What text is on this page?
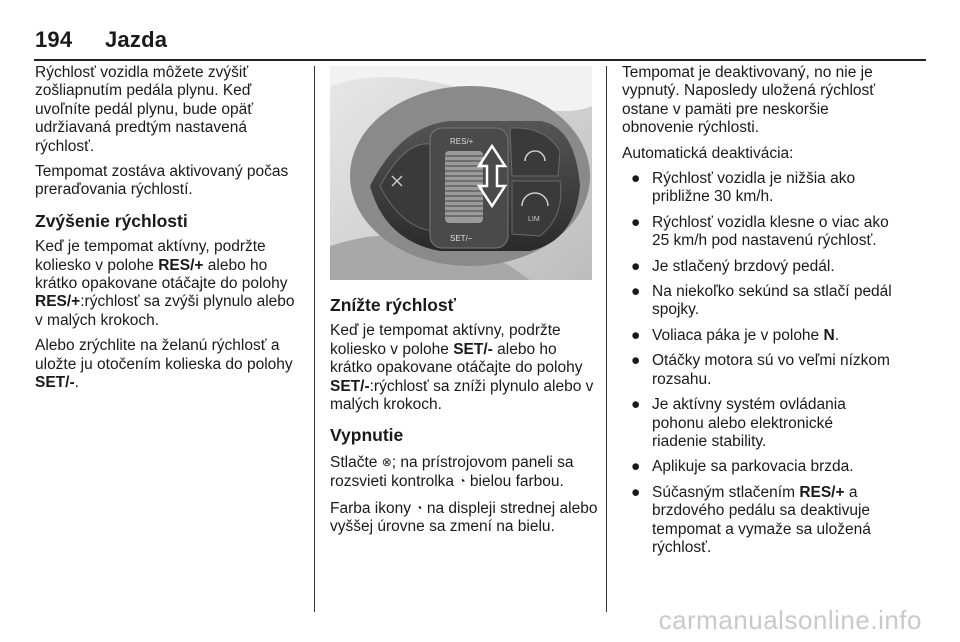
194 Jazda

Rýchlosť vozidla môžete zvýšiť zošliapnutím pedála plynu. Keď uvoľníte pedál plynu, bude opäť udržiavaná predtým nastavená rýchlosť.

Tempomat zostáva aktivovaný počas preraďovania rýchlostí.

Zvýšenie rýchlosti

Keď je tempomat aktívny, podržte koliesko v polohe RES/+ alebo ho krátko opakovane otáčajte do polohy RES/+:rýchlosť sa zvýši plynulo alebo v malých krokoch.

Alebo zrýchlite na želanú rýchlosť a uložte ju otočením kolieska do polohy SET/-.

RES/+
SET/−
LIM
Znížte rýchlosť

Keď je tempomat aktívny, podržte koliesko v polohe SET/- alebo ho krátko opakovane otáčajte do polohy SET/-:rýchlosť sa zníži plynulo alebo v malých krokoch.

Vypnutie

Stlačte ⊗; na prístrojovom paneli sa rozsvieti kontrolka ◔ bielou farbou.

Farba ikony ◔ na displeji strednej alebo vyššej úrovne sa zmení na bielu.

Tempomat je deaktivovaný, no nie je vypnutý. Naposledy uložená rýchlosť ostane v pamäti pre neskoršie obnovenie rýchlosti.

Automatická deaktivácia:

● Rýchlosť vozidla je nižšia ako približne 30 km/h.
● Rýchlosť vozidla klesne o viac ako 25 km/h pod nastavenú rýchlosť.
● Je stlačený brzdový pedál.
● Na niekoľko sekúnd sa stlačí pedál spojky.
● Voliaca páka je v polohe N.
● Otáčky motora sú vo veľmi nízkom rozsahu.
● Je aktívny systém ovládania pohonu alebo elektronické riadenie stability.
● Aplikuje sa parkovacia brzda.
● Súčasným stlačením RES/+ a brzdového pedálu sa deaktivuje tempomat a vymaže sa uložená rýchlosť.
carmanualsonline.info
